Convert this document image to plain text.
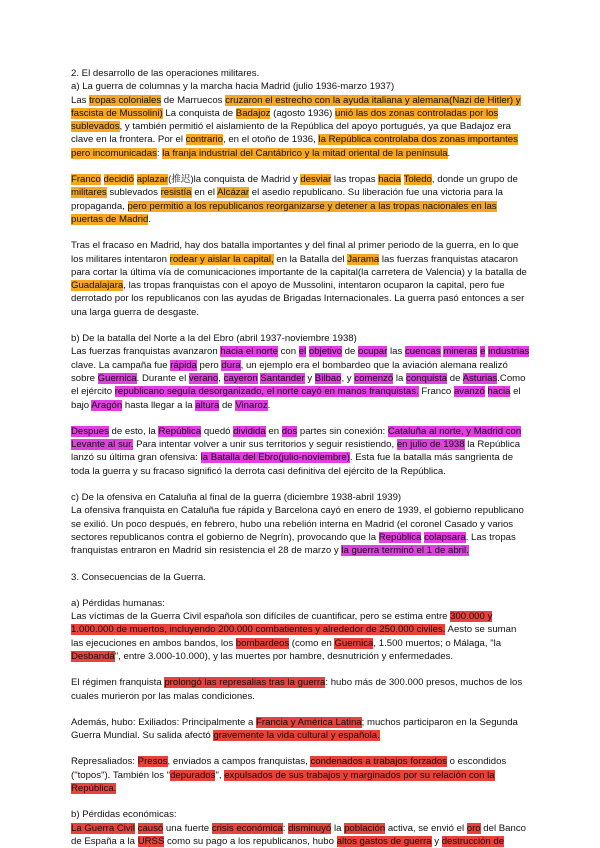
2. El desarrollo de las operaciones militares.

a) La guerra de columnas y la marcha hacia Madrid (julio 1936-marzo 1937)

Las tropas coloniales de Marruecos cruzaron el estrecho con la ayuda italiana y alemana(Nazi de Hitler) y fascista de Mussolini) La conquista de Badajoz (agosto 1936) unió las dos zonas controladas por los sublevados, y también permitió el aislamiento de la República del apoyo portugués, ya que Badajoz era clave en la frontera. Por el contrario, en el otoño de 1936, la República controlaba dos zonas importantes pero incomunicadas: la franja industrial del Cantábrico y la mitad oriental de la península.

Franco decidió aplazar(推迟)la conquista de Madrid y desviar las tropas hacia Toledo, donde un grupo de militares sublevados resistía en el Alcázar el asedio republicano. Su liberación fue una victoria para la propaganda, pero permitió a los republicanos reorganizarse y detener a las tropas nacionales en las puertas de Madrid.

Tras el fracaso en Madrid, hay dos batalla importantes y del final al primer periodo de la guerra, en lo que los militares intentaron rodear y aislar la capital, en la Batalla del Jarama las fuerzas franquistas atacaron para cortar la última vía de comunicaciones importante de la capital(la carretera de Valencia) y la batalla de Guadalajara, las tropas franquistas con el apoyo de Mussolini, intentaron ocuparon la capital, pero fue derrotado por los republicanos con las ayudas de Brigadas Internacionales. La guerra pasó entonces a ser una larga guerra de desgaste.

b) De la batalla del Norte a la del Ebro (abril 1937-noviembre 1938)

Las fuerzas franquistas avanzaron hacia el norte con el objetivo de ocupar las cuencas mineras e industrias clave. La campaña fue rápida pero dura, un ejemplo era el bombardeo que la aviación alemana realizó sobre Guernica. Durante el verano, cayeron Santander y Bilbao, y comenzó la conquista de Asturias.Como el ejército republicano seguía desorganizado, el norte cayó en manos franquistas. Franco avanzó hacia el bajo Aragón hasta llegar a la altura de Vinaroz.

Despues de esto, la República quedó dividida en dos partes sin conexión: Cataluña al norte, y Madrid con Levante al sur. Para intentar volver a unir sus territorios y seguir resistiendo, en julio de 1938 la República lanzó su última gran ofensiva: la Batalla del Ebro(julio-noviembre). Esta fue la batalla más sangrienta de toda la guerra y su fracaso significó la derrota casi definitiva del ejército de la República.

c) De la ofensiva en Cataluña al final de la guerra (diciembre 1938-abril 1939)

La ofensiva franquista en Cataluña fue rápida y Barcelona cayó en enero de 1939, el gobierno republicano se exilió. Un poco después, en febrero, hubo una rebelión interna en Madrid (el coronel Casado y varios sectores republicanos contra el gobierno de Negrín), provocando que la República colapsara. Las tropas franquistas entraron en Madrid sin resistencia el 28 de marzo y la guerra terminó el 1 de abril.

3. Consecuencias de la Guerra.

a) Pérdidas humanas:

Las víctimas de la Guerra Civil española son difíciles de cuantificar, pero se estima entre 300.000 y 1.000.000 de muertos, incluyendo 200.000 combatientes y alrededor de 250.000 civiles. Aesto se suman las ejecuciones en ambos bandos, los bombardeos (como en Guernica, 1.500 muertos; o Málaga, "la Desbandá", entre 3.000-10.000), y las muertes por hambre, desnutrición y enfermedades.

El régimen franquista prolongó las represalias tras la guerra: hubo más de 300.000 presos, muchos de los cuales murieron por las malas condiciones.

Además, hubo: Exiliados: Principalmente a Francia y América Latina; muchos participaron en la Segunda Guerra Mundial. Su salida afectó gravemente la vida cultural y española.

Represaliados: Presos, enviados a campos franquistas, condenados a trabajos forzados o escondidos ("topos"). También los "depurados", expulsados de sus trabajos y marginados por su relación con la República.

b) Pérdidas económicas:

La Guerra Civil causó una fuerte crisis económica: disminuyó la población activa, se envió el oro del Banco de España a la URSS como su pago a los republicanos, hubo altos gastos de guerra y destrucción de
